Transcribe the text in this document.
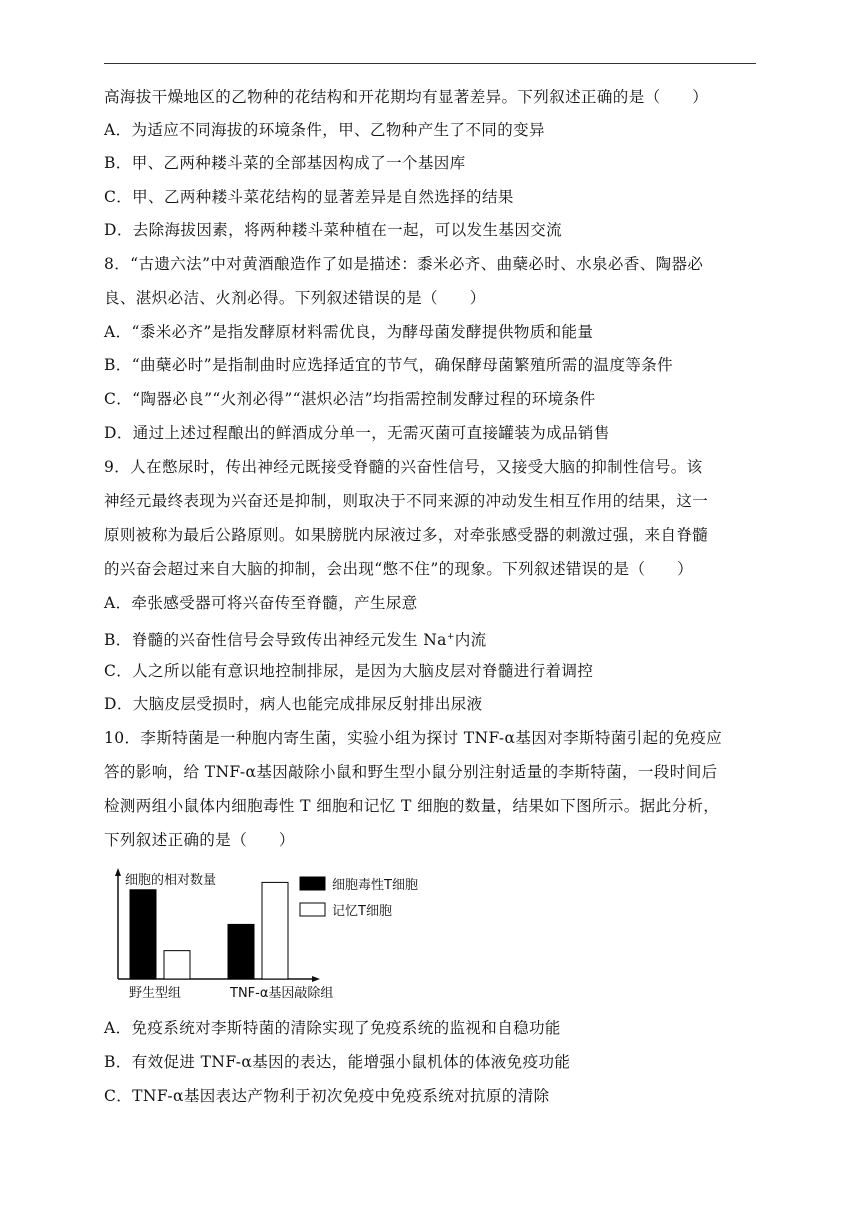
高海拔干燥地区的乙物种的花结构和开花期均有显著差异。下列叙述正确的是（　　）
A．为适应不同海拔的环境条件，甲、乙物种产生了不同的变异
B．甲、乙两种耧斗菜的全部基因构成了一个基因库
C．甲、乙两种耧斗菜花结构的显著差异是自然选择的结果
D．去除海拔因素，将两种耧斗菜种植在一起，可以发生基因交流
8．“古遗六法”中对黄酒酿造作了如是描述：黍米必齐、曲蘖必时、水泉必香、陶器必
良、湛炽必洁、火剂必得。下列叙述错误的是（　　）
A．“黍米必齐”是指发酵原材料需优良，为酵母菌发酵提供物质和能量
B．“曲蘖必时”是指制曲时应选择适宜的节气，确保酵母菌繁殖所需的温度等条件
C．“陶器必良”“火剂必得”“湛炽必洁”均指需控制发酵过程的环境条件
D．通过上述过程酿出的鲜酒成分单一，无需灭菌可直接罐装为成品销售
9．人在憋尿时，传出神经元既接受脊髓的兴奋性信号，又接受大脑的抑制性信号。该
神经元最终表现为兴奋还是抑制，则取决于不同来源的冲动发生相互作用的结果，这一
原则被称为最后公路原则。如果膀胱内尿液过多，对牵张感受器的刺激过强，来自脊髓
的兴奋会超过来自大脑的抑制，会出现“憋不住”的现象。下列叙述错误的是（　　）
A．牵张感受器可将兴奋传至脊髓，产生尿意
B．脊髓的兴奋性信号会导致传出神经元发生 Na+内流
C．人之所以能有意识地控制排尿，是因为大脑皮层对脊髓进行着调控
D．大脑皮层受损时，病人也能完成排尿反射排出尿液
10．李斯特菌是一种胞内寄生菌，实验小组为探讨 TNF-α基因对李斯特菌引起的免疫应
答的影响，给 TNF-α基因敲除小鼠和野生型小鼠分别注射适量的李斯特菌，一段时间后
检测两组小鼠体内细胞毒性 T 细胞和记忆 T 细胞的数量，结果如下图所示。据此分析，
下列叙述正确的是（　　）
细胞的相对数量
野生型组	TNF-α基因敲除组
细胞毒性T细胞
记忆T细胞
A．免疫系统对李斯特菌的清除实现了免疫系统的监视和自稳功能
B．有效促进 TNF-α基因的表达，能增强小鼠机体的体液免疫功能
C．TNF-α基因表达产物利于初次免疫中免疫系统对抗原的清除
